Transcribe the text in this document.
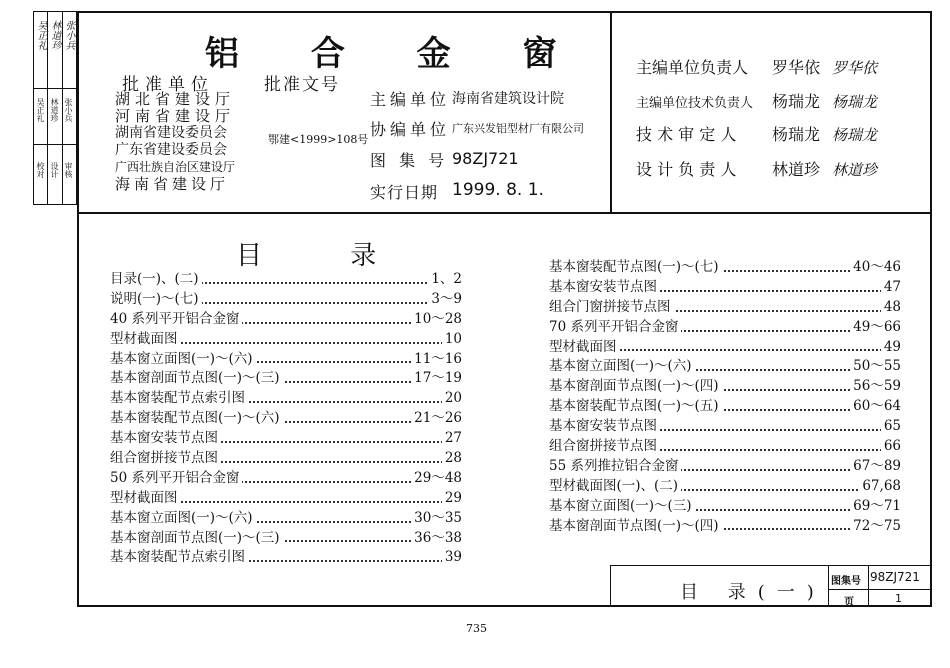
吴正礼 林道珍 张小兵
吴正礼 林道珍 张小兵
校对 设计 审核
铝 合 金 窗
批准单位	批准文号
湖北省建设厅
河南省建设厅
湖南省建设委员会
广东省建设委员会
广西壮族自治区建设厅
海南省建设厅
鄂建<1999>108号
主编单位 海南省建筑设计院
协编单位 广东兴发铝型材厂有限公司
图 集 号 98ZJ721
实行日期 1999. 8. 1.
主编单位负责人 罗华依 罗华依
主编单位技术负责人 杨瑞龙 杨瑞龙
技 术 审 定 人 杨瑞龙 杨瑞龙
设 计 负 责 人 林道珍 林道珍
目 录
目录(一)、(二)	1、2
说明(一)～(七)	3～9
40 系列平开铝合金窗	10～28
型材截面图	10
基本窗立面图(一)～(六)	11～16
基本窗剖面节点图(一)～(三)	17～19
基本窗装配节点索引图	20
基本窗装配节点图(一)～(六)	21～26
基本窗安装节点图	27
组合窗拼接节点图	28
50 系列平开铝合金窗	29～48
型材截面图	29
基本窗立面图(一)～(六)	30～35
基本窗剖面节点图(一)～(三)	36～38
基本窗装配节点索引图	39
基本窗装配节点图(一)～(七)	40～46
基本窗安装节点图	47
组合门窗拼接节点图	48
70 系列平开铝合金窗	49～66
型材截面图	49
基本窗立面图(一)～(六)	50～55
基本窗剖面节点图(一)～(四)	56～59
基本窗装配节点图(一)～(五)	60～64
基本窗安装节点图	65
组合窗拼接节点图	66
55 系列推拉铝合金窗	67～89
型材截面图(一)、(二)	67,68
基本窗立面图(一)～(三)	69～71
基本窗剖面节点图(一)～(四)	72～75
目 录(一)
图集号 98ZJ721
页	1
735
